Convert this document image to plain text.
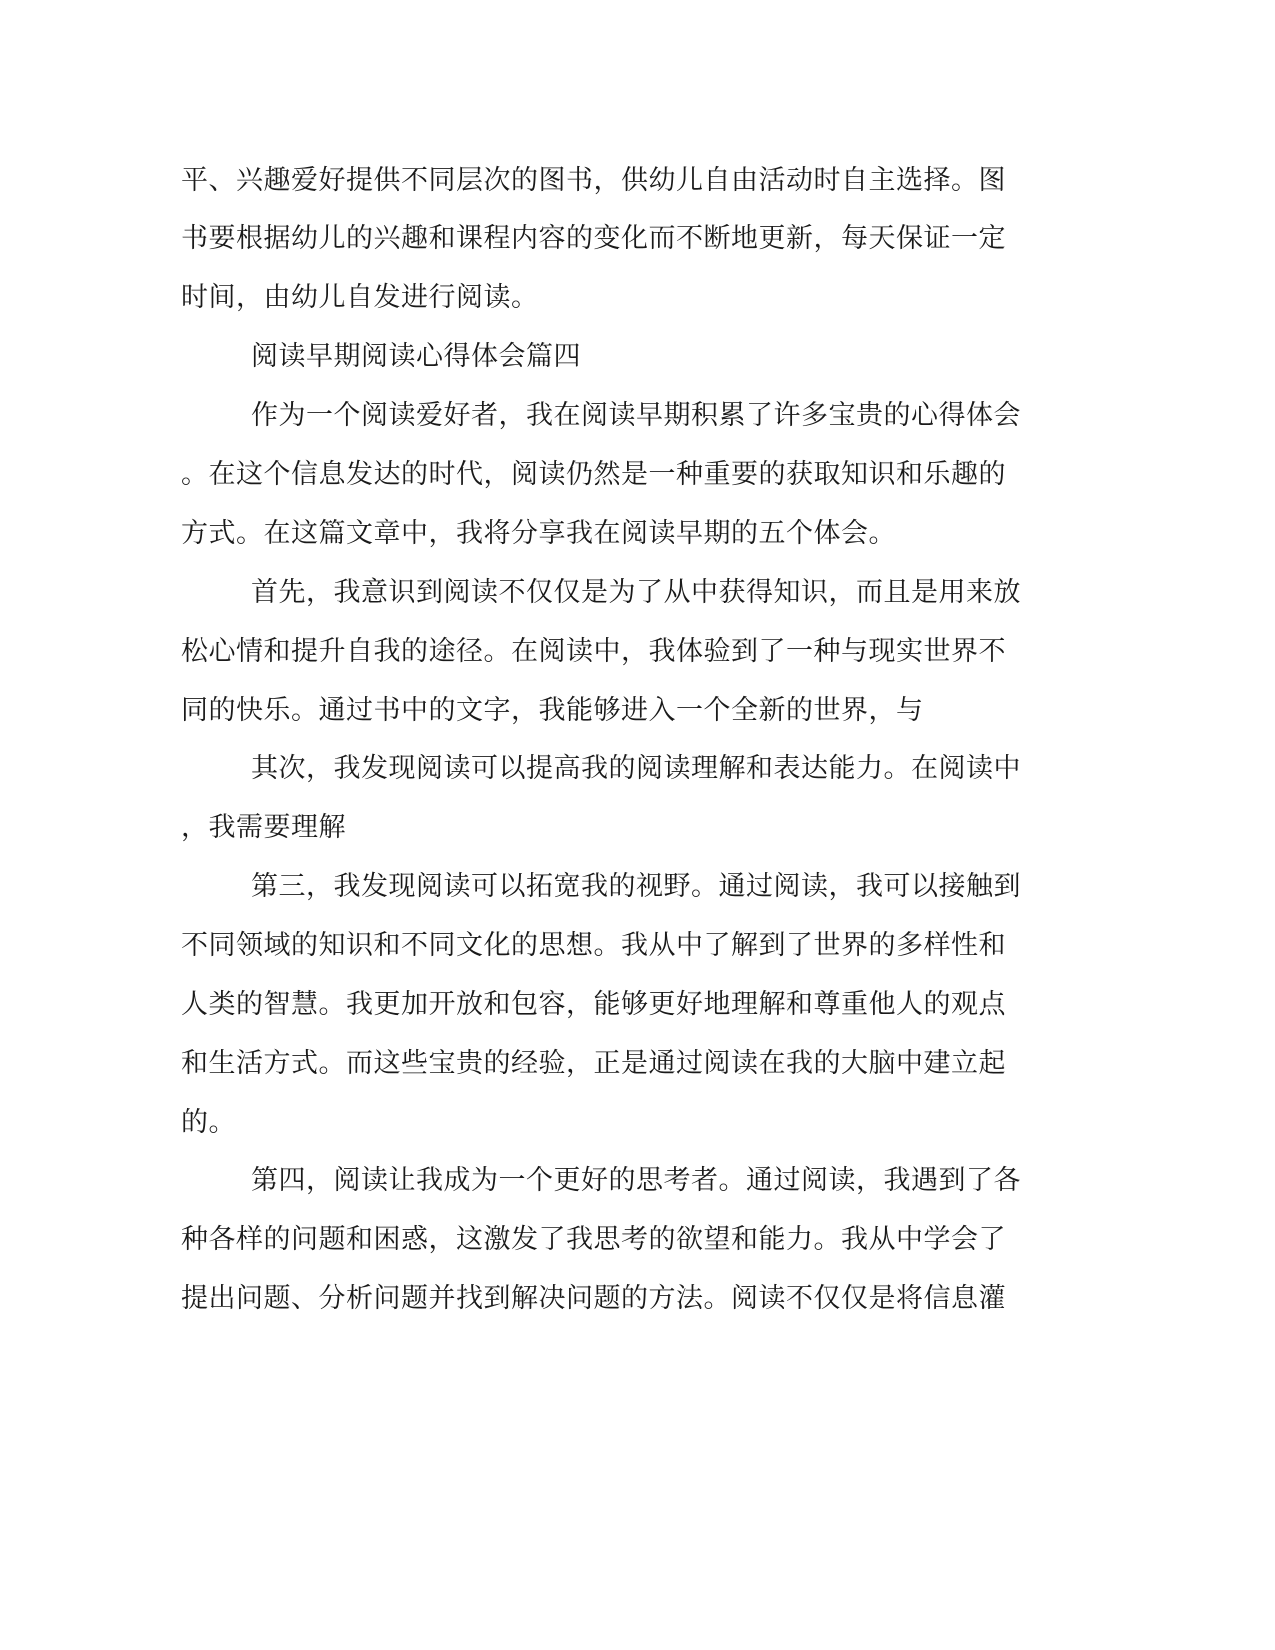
平、兴趣爱好提供不同层次的图书，供幼儿自由活动时自主选择。图
书要根据幼儿的兴趣和课程内容的变化而不断地更新，每天保证一定
时间，由幼儿自发进行阅读。
阅读早期阅读心得体会篇四
作为一个阅读爱好者，我在阅读早期积累了许多宝贵的心得体会
。在这个信息发达的时代，阅读仍然是一种重要的获取知识和乐趣的
方式。在这篇文章中，我将分享我在阅读早期的五个体会。
首先，我意识到阅读不仅仅是为了从中获得知识，而且是用来放
松心情和提升自我的途径。在阅读中，我体验到了一种与现实世界不
同的快乐。通过书中的文字，我能够进入一个全新的世界，与
其次，我发现阅读可以提高我的阅读理解和表达能力。在阅读中
，我需要理解
第三，我发现阅读可以拓宽我的视野。通过阅读，我可以接触到
不同领域的知识和不同文化的思想。我从中了解到了世界的多样性和
人类的智慧。我更加开放和包容，能够更好地理解和尊重他人的观点
和生活方式。而这些宝贵的经验，正是通过阅读在我的大脑中建立起
的。
第四，阅读让我成为一个更好的思考者。通过阅读，我遇到了各
种各样的问题和困惑，这激发了我思考的欲望和能力。我从中学会了
提出问题、分析问题并找到解决问题的方法。阅读不仅仅是将信息灌
